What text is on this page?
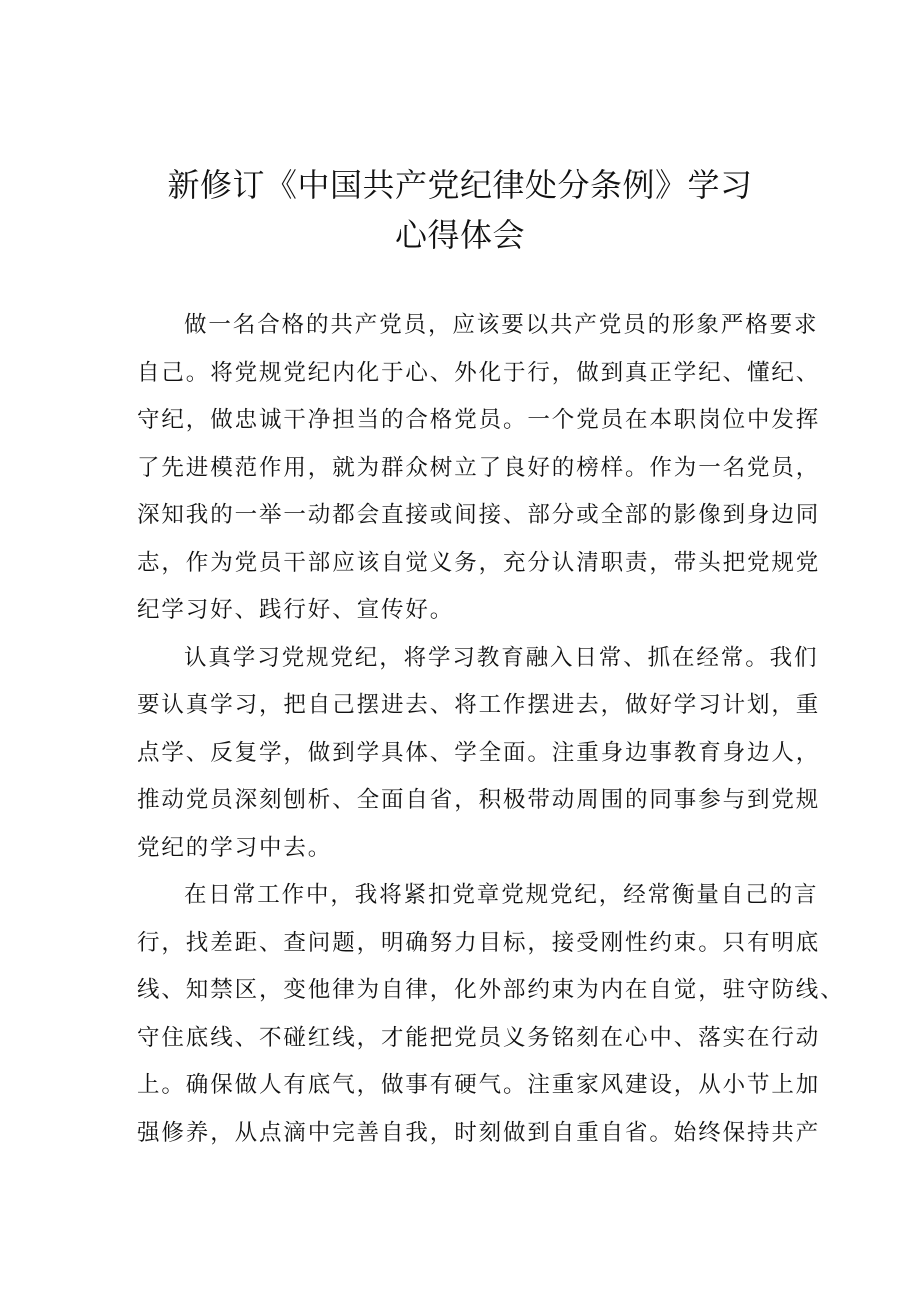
新修订《中国共产党纪律处分条例》学习
心得体会
做一名合格的共产党员，应该要以共产党员的形象严格要求
自己。将党规党纪内化于心、外化于行，做到真正学纪、懂纪、
守纪，做忠诚干净担当的合格党员。一个党员在本职岗位中发挥
了先进模范作用，就为群众树立了良好的榜样。作为一名党员，
深知我的一举一动都会直接或间接、部分或全部的影像到身边同
志，作为党员干部应该自觉义务，充分认清职责，带头把党规党
纪学习好、践行好、宣传好。
认真学习党规党纪，将学习教育融入日常、抓在经常。我们
要认真学习，把自己摆进去、将工作摆进去，做好学习计划，重
点学、反复学，做到学具体、学全面。注重身边事教育身边人，
推动党员深刻刨析、全面自省，积极带动周围的同事参与到党规
党纪的学习中去。
在日常工作中，我将紧扣党章党规党纪，经常衡量自己的言
行，找差距、查问题，明确努力目标，接受刚性约束。只有明底
线、知禁区，变他律为自律，化外部约束为内在自觉，驻守防线、
守住底线、不碰红线，才能把党员义务铭刻在心中、落实在行动
上。确保做人有底气，做事有硬气。注重家风建设，从小节上加
强修养，从点滴中完善自我，时刻做到自重自省。始终保持共产
